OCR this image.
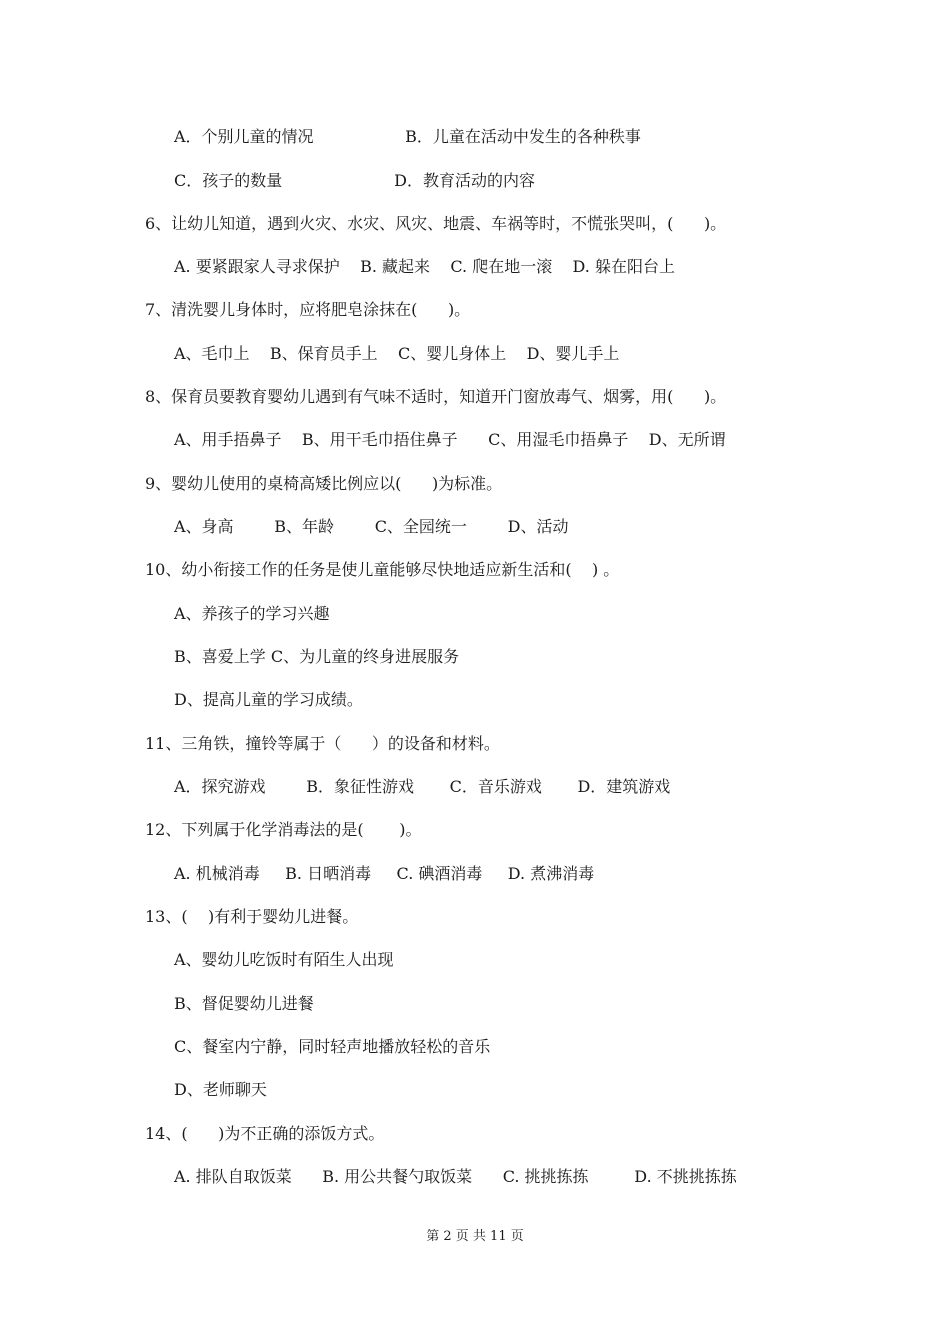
A．个别儿童的情况                  B．儿童在活动中发生的各种秩事
C．孩子的数量                      D．教育活动的内容
6、让幼儿知道，遇到火灾、水灾、风灾、地震、车祸等时，不慌张哭叫，(      )。
A. 要紧跟家人寻求保护    B. 藏起来    C. 爬在地一滚    D. 躲在阳台上
7、清洗婴儿身体时，应将肥皂涂抹在(      )。
A、毛巾上    B、保育员手上    C、婴儿身体上    D、婴儿手上
8、保育员要教育婴幼儿遇到有气味不适时，知道开门窗放毒气、烟雾，用(      )。
A、用手捂鼻子    B、用干毛巾捂住鼻子      C、用湿毛巾捂鼻子    D、无所谓
9、婴幼儿使用的桌椅高矮比例应以(      )为标准。
A、身高        B、年龄        C、全园统一        D、活动
10、幼小衔接工作的任务是使儿童能够尽快地适应新生活和(    ) 。
A、养孩子的学习兴趣
B、喜爱上学 C、为儿童的终身进展服务
D、提高儿童的学习成绩。
11、三角铁，撞铃等属于（      ）的设备和材料。
A．探究游戏        B．象征性游戏       C．音乐游戏       D．建筑游戏
12、下列属于化学消毒法的是(       )。
A. 机械消毒     B. 日晒消毒     C. 碘酒消毒     D. 煮沸消毒
13、(    )有利于婴幼儿进餐。
A、婴幼儿吃饭时有陌生人出现
B、督促婴幼儿进餐
C、餐室内宁静，同时轻声地播放轻松的音乐
D、老师聊天
14、(      )为不正确的添饭方式。
A. 排队自取饭菜      B. 用公共餐勺取饭菜      C. 挑挑拣拣         D. 不挑挑拣拣
第 2 页 共 11 页
